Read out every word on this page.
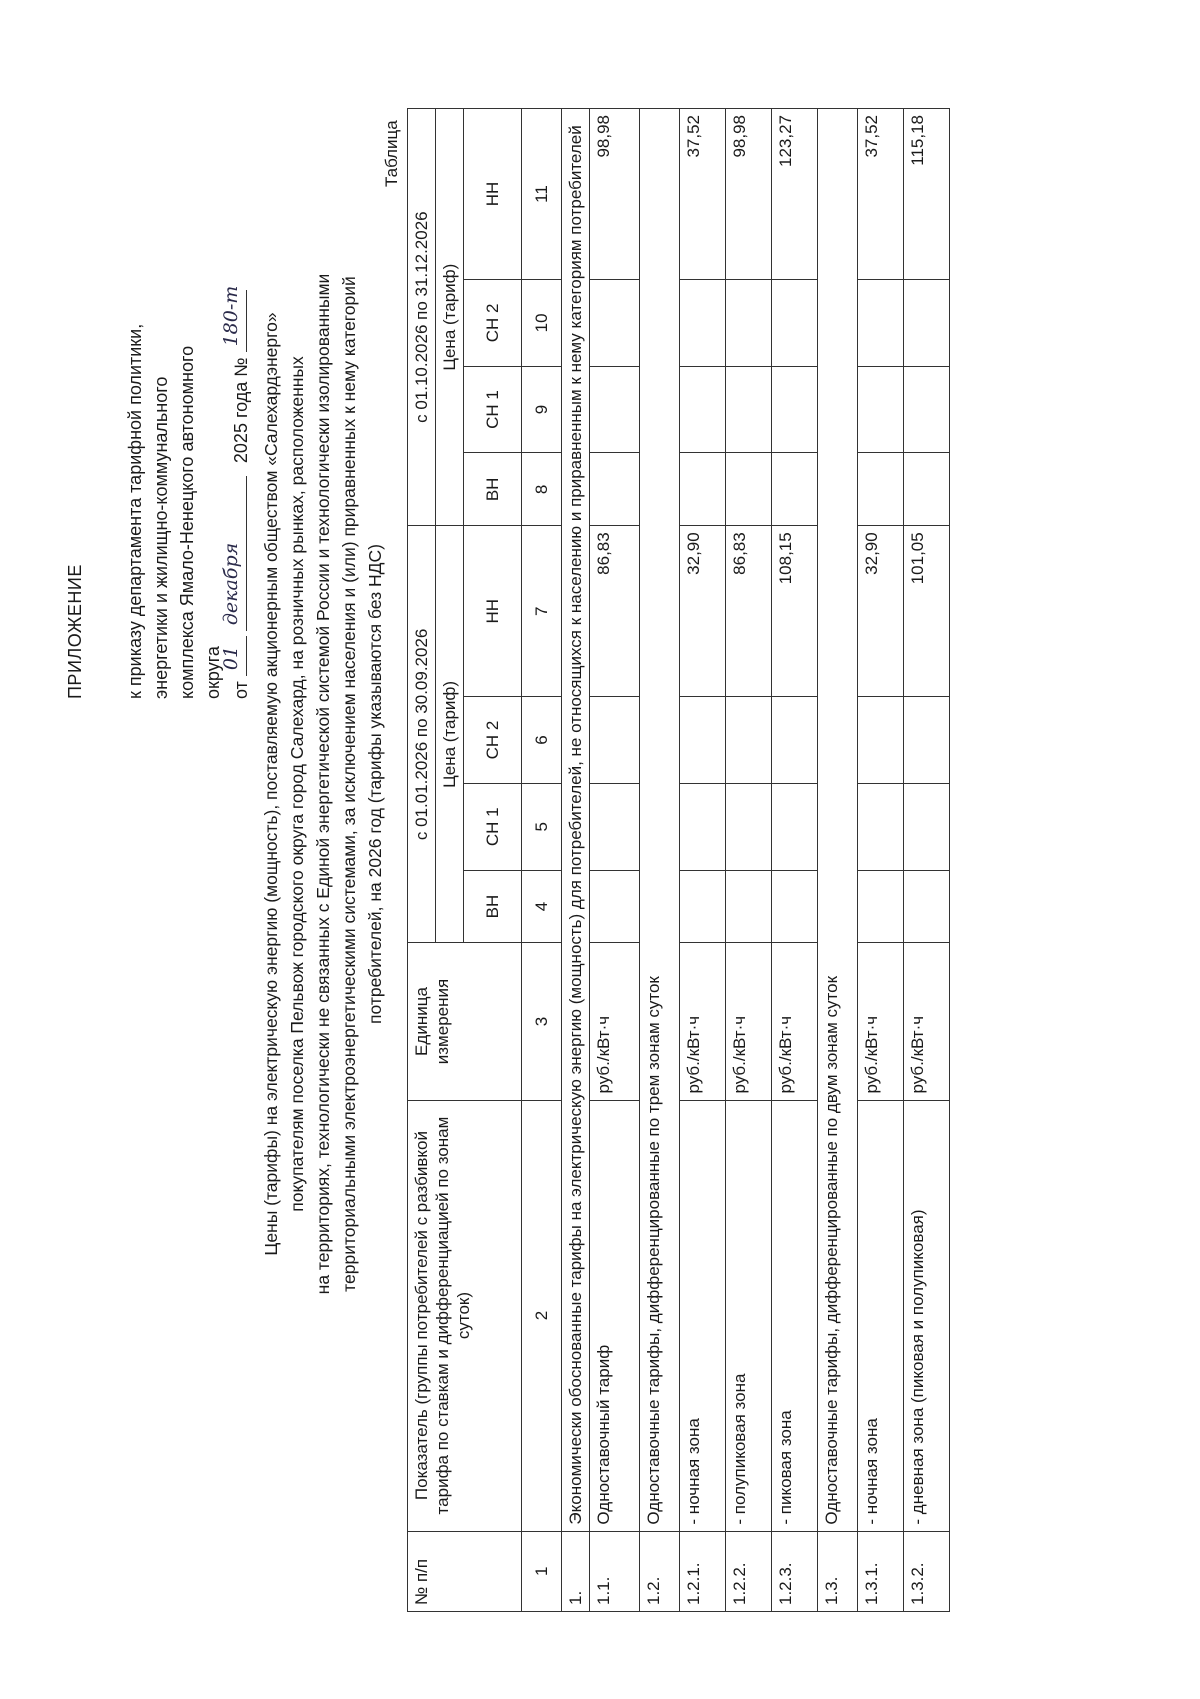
ПРИЛОЖЕНИЕ к приказу департамента тарифной политики, энергетики и жилищно-коммунального комплекса Ямало-Ненецкого автономного округа от
01

декабря
2025 года №
180-т Цены (тарифы) на электрическую энергию (мощность), поставляемую акционерным обществом «Салехардэнерго» покупателям поселка Пельвож городского округа город Салехард, на розничных рынках, расположенных на территориях, технологически не связанных с Единой энергетической системой России и технологически изолированными территориальными электроэнергетическими системами, за исключением населения и (или) приравненных к нему категорий потребителей, на 2026 год (тарифы указываются без НДС)
Таблица
№ п/п	Показатель (группы потребителей с разбивкой тарифа по ставкам и дифференциацией по зонам суток)	Единица измерения	с 01.01.2026 по 30.09.2026				с 01.10.2026 по 31.12.2026			
			Цена (тариф)				Цена (тариф)			
			ВН	СН 1	СН 2	НН	ВН	СН 1	СН 2	НН
1	2	3	4	5	6	7	8	9	10	11
1.	Экономически обоснованные тарифы на электрическую энергию (мощность) для потребителей, не относящихся к населению и приравненным к нему категориям потребителей									
1.1.	Одноставочный тариф	руб./кВт·ч				86,83				98,98
1.2.	Одноставочные тарифы, дифференцированные по трем зонам суток									
1.2.1.	- ночная зона	руб./кВт·ч				32,90				37,52
1.2.2.	- полупиковая зона	руб./кВт·ч				86,83				98,98
1.2.3.	- пиковая зона	руб./кВт·ч				108,15				123,27
1.3.	Одноставочные тарифы, дифференцированные по двум зонам суток									
1.3.1.	- ночная зона	руб./кВт·ч				32,90				37,52
1.3.2.	- дневная зона (пиковая и полупиковая)	руб./кВт·ч				101,05				115,18
